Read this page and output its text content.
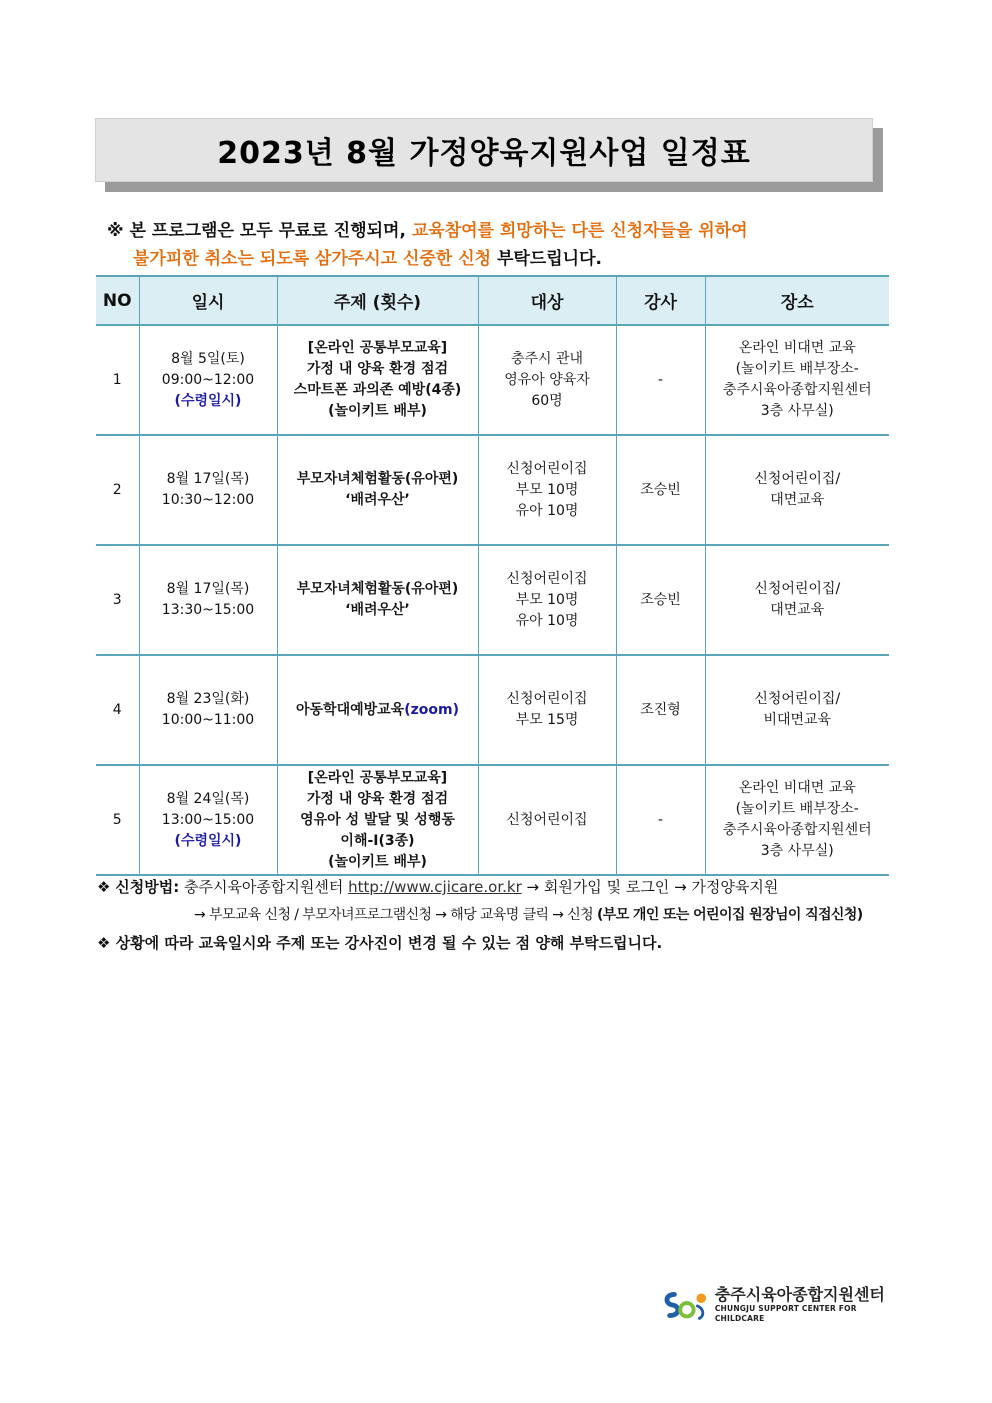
2023년 8월 가정양육지원사업 일정표
※ 본 프로그램은 모두 무료로 진행되며, 교육참여를 희망하는 다른 신청자들을 위하여
불가피한 취소는 되도록 삼가주시고 신중한 신청 부탁드립니다.
NO	일시	주제 (횟수)	대상	강사	장소
1	8월 5일(토)
09:00~12:00
(수령일시)	[온라인 공통부모교육]
가정 내 양육 환경 점검
스마트폰 과의존 예방(4종)
(놀이키트 배부)	충주시 관내
영유아 양육자
60명	-	온라인 비대면 교육
(놀이키트 배부장소-
충주시육아종합지원센터
3층 사무실)

2	8월 17일(목)
10:30~12:00	부모자녀체험활동(유아편)
‘배려우산’	신청어린이집
부모 10명
유아 10명	조승빈	신청어린이집/
대면교육

3	8월 17일(목)
13:30~15:00	부모자녀체험활동(유아편)
‘배려우산’	신청어린이집
부모 10명
유아 10명	조승빈	신청어린이집/
대면교육

4	8월 23일(화)
10:00~11:00	아동학대예방교육(zoom)	신청어린이집
부모 15명	조진형	신청어린이집/
비대면교육

5	8월 24일(목)
13:00~15:00
(수령일시)	[온라인 공통부모교육]
가정 내 양육 환경 점검
영유아 성 발달 및 성행동
이해-Ⅰ(3종)
(놀이키트 배부)	신청어린이집	-	온라인 비대면 교육
(놀이키트 배부장소-
충주시육아종합지원센터
3층 사무실)
❖ 신청방법: 충주시육아종합지원센터 http://www.cjicare.or.kr → 회원가입 및 로그인 → 가정양육지원
→ 부모교육 신청 / 부모자녀프로그램신청 → 해당 교육명 클릭 → 신청 (부모 개인 또는 어린이집 원장님이 직접신청)
❖ 상황에 따라 교육일시와 주제 또는 강사진이 변경 될 수 있는 점 양해 부탁드립니다.
충주시육아종합지원센터
CHUNGJU SUPPORT CENTER FOR CHILDCARE
